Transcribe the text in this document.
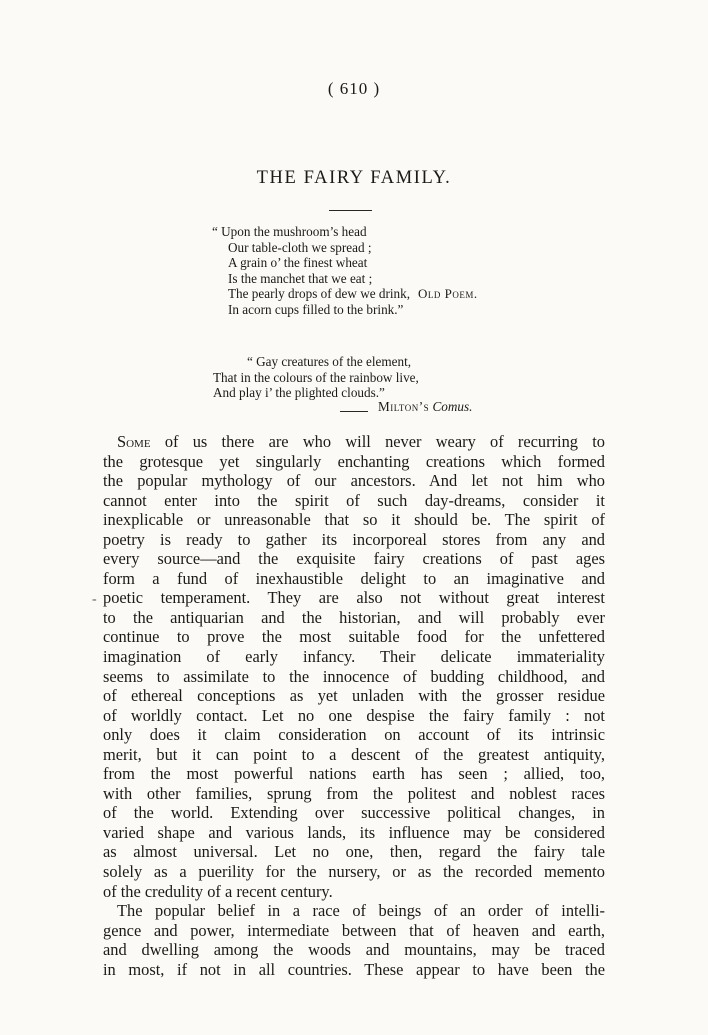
( 610 )
THE FAIRY FAMILY.
“ Upon the mushroom’s head
Our table-cloth we spread ;
A grain o’ the finest wheat
Is the manchet that we eat ;
The pearly drops of dew we drink,
In acorn cups filled to the brink.”
Old Poem.
“ Gay creatures of the element,
That in the colours of the rainbow live,
And play i’ the plighted clouds.”
Milton’s Comus.
-
Some of us there are who will never weary of recurring to
the grotesque yet singularly enchanting creations which formed
the popular mythology of our ancestors. And let not him who
cannot enter into the spirit of such day-dreams, consider it
inexplicable or unreasonable that so it should be. The spirit of
poetry is ready to gather its incorporeal stores from any and
every source—and the exquisite fairy creations of past ages
form a fund of inexhaustible delight to an imaginative and
poetic temperament. They are also not without great interest
to the antiquarian and the historian, and will probably ever
continue to prove the most suitable food for the unfettered
imagination of early infancy. Their delicate immateriality
seems to assimilate to the innocence of budding childhood, and
of ethereal conceptions as yet unladen with the grosser residue
of worldly contact. Let no one despise the fairy family : not
only does it claim consideration on account of its intrinsic
merit, but it can point to a descent of the greatest antiquity,
from the most powerful nations earth has seen ; allied, too,
with other families, sprung from the politest and noblest races
of the world. Extending over successive political changes, in
varied shape and various lands, its influence may be considered
as almost universal. Let no one, then, regard the fairy tale
solely as a puerility for the nursery, or as the recorded memento
of the credulity of a recent century.
The popular belief in a race of beings of an order of intelli-
gence and power, intermediate between that of heaven and earth,
and dwelling among the woods and mountains, may be traced
in most, if not in all countries. These appear to have been the
